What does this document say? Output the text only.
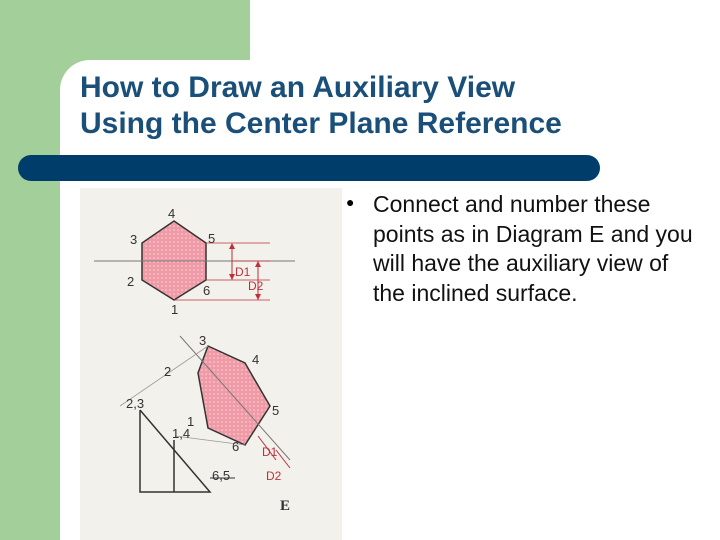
How to Draw an Auxiliary View
Using the Center Plane Reference
4
3	5
2
6
1
D1
D2
3
4
2
5
1
6 D1
D2
2,3
1,4
6,5
E
● Connect and number these points as in Diagram E and you will have the auxiliary view of the inclined surface.
